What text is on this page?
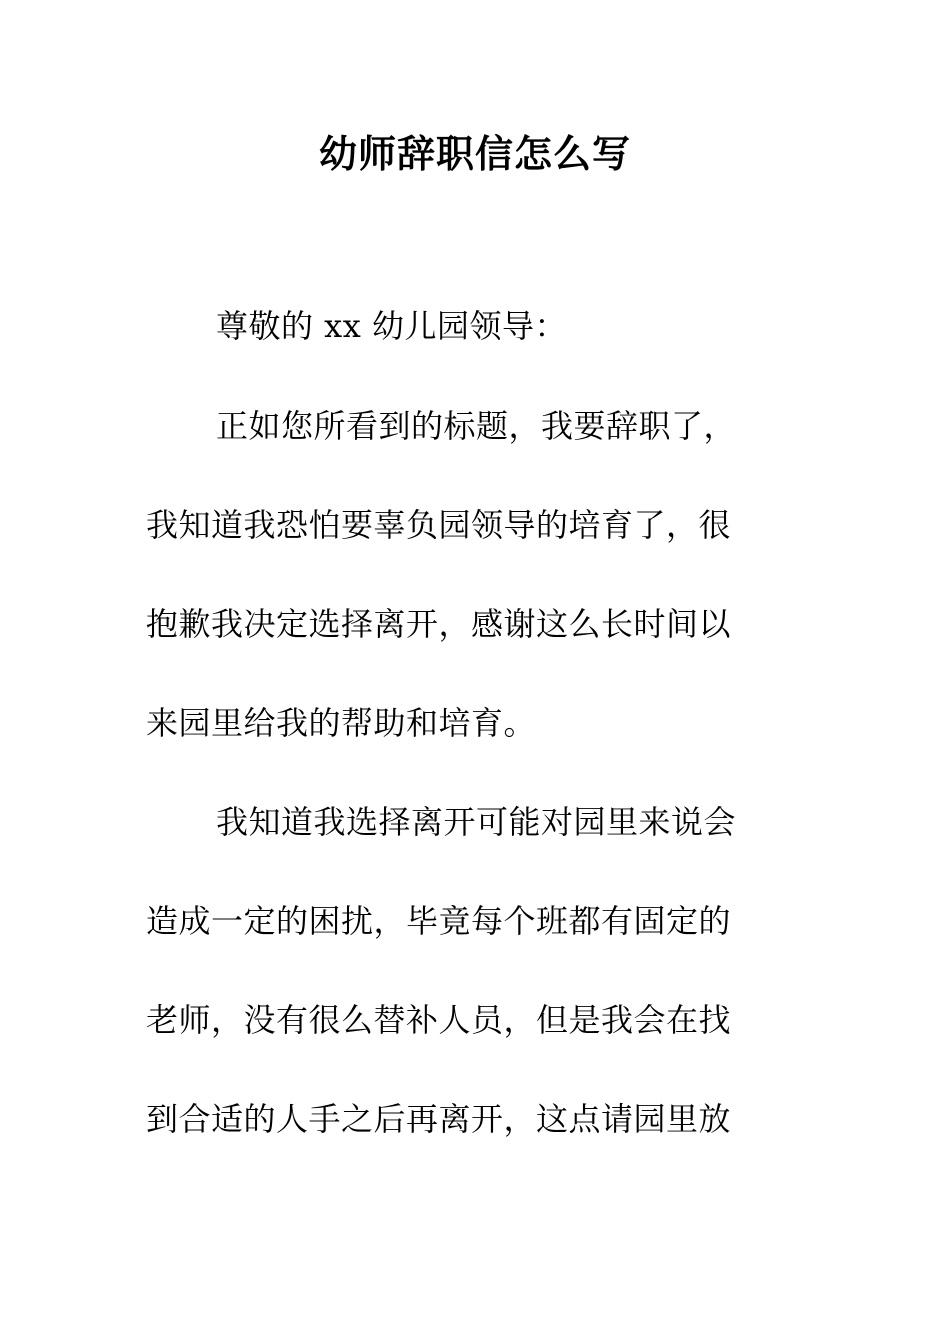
幼师辞职信怎么写
尊敬的 xx 幼儿园领导：
正如您所看到的标题，我要辞职了，
我知道我恐怕要辜负园领导的培育了，很
抱歉我决定选择离开，感谢这么长时间以
来园里给我的帮助和培育。
我知道我选择离开可能对园里来说会
造成一定的困扰，毕竟每个班都有固定的
老师，没有很么替补人员，但是我会在找
到合适的人手之后再离开，这点请园里放
